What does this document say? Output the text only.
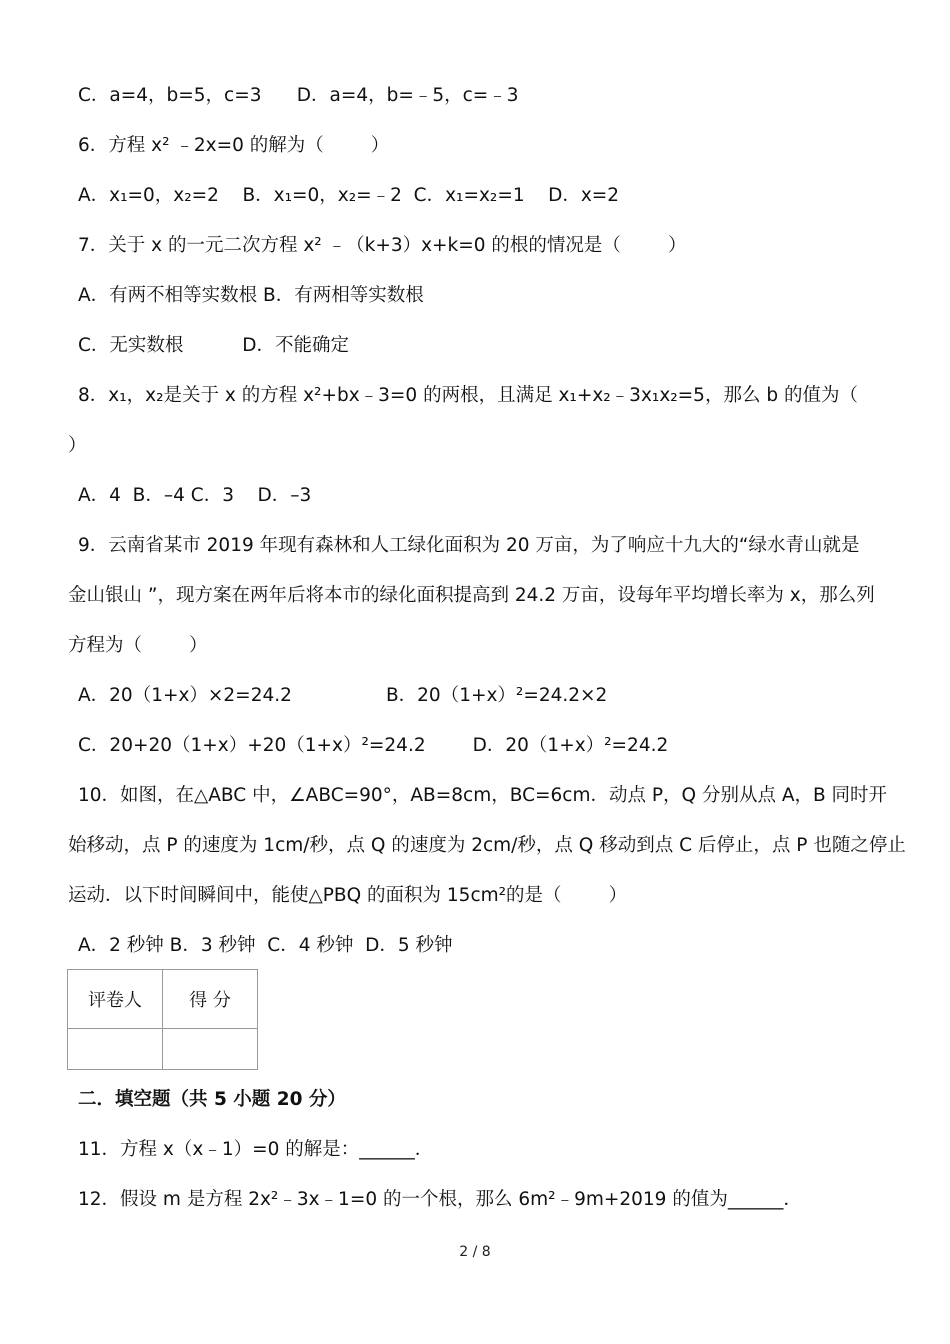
C．a=4，b=5，c=3      D．a=4，b=﹣5，c=﹣3
6．方程 x² ﹣2x=0 的解为（        ）
A．x₁=0，x₂=2    B．x₁=0，x₂=﹣2  C．x₁=x₂=1    D．x=2
7．关于 x 的一元二次方程 x² ﹣（k+3）x+k=0 的根的情况是（        ）
A．有两不相等实数根 B．有两相等实数根
C．无实数根          D．不能确定
8．x₁，x₂是关于 x 的方程 x²+bx﹣3=0 的两根，且满足 x₁+x₂﹣3x₁x₂=5，那么 b 的值为（
）
A．4  B．–4 C．3    D．–3
9．云南省某市 2019 年现有森林和人工绿化面积为 20 万亩，为了响应十九大的“绿水青山就是
金山银山 ”，现方案在两年后将本市的绿化面积提高到 24.2 万亩，设每年平均增长率为 x，那么列
方程为（        ）
A．20（1+x）×2=24.2                B．20（1+x）²=24.2×2
C．20+20（1+x）+20（1+x）²=24.2        D．20（1+x）²=24.2
10．如图，在△ABC 中，∠ABC=90°，AB=8cm，BC=6cm．动点 P，Q 分别从点 A，B 同时开
始移动，点 P 的速度为 1cm/秒，点 Q 的速度为 2cm/秒，点 Q 移动到点 C 后停止，点 P 也随之停止
运动．以下时间瞬间中，能使△PBQ 的面积为 15cm²的是（        ）
A．2 秒钟 B．3 秒钟  C．4 秒钟  D．5 秒钟
二．填空题（共 5 小题 20 分）
11．方程 x（x﹣1）=0 的解是：______．
12．假设 m 是方程 2x²﹣3x﹣1=0 的一个根，那么 6m²﹣9m+2019 的值为______．
评卷人	得 分

2 / 8
